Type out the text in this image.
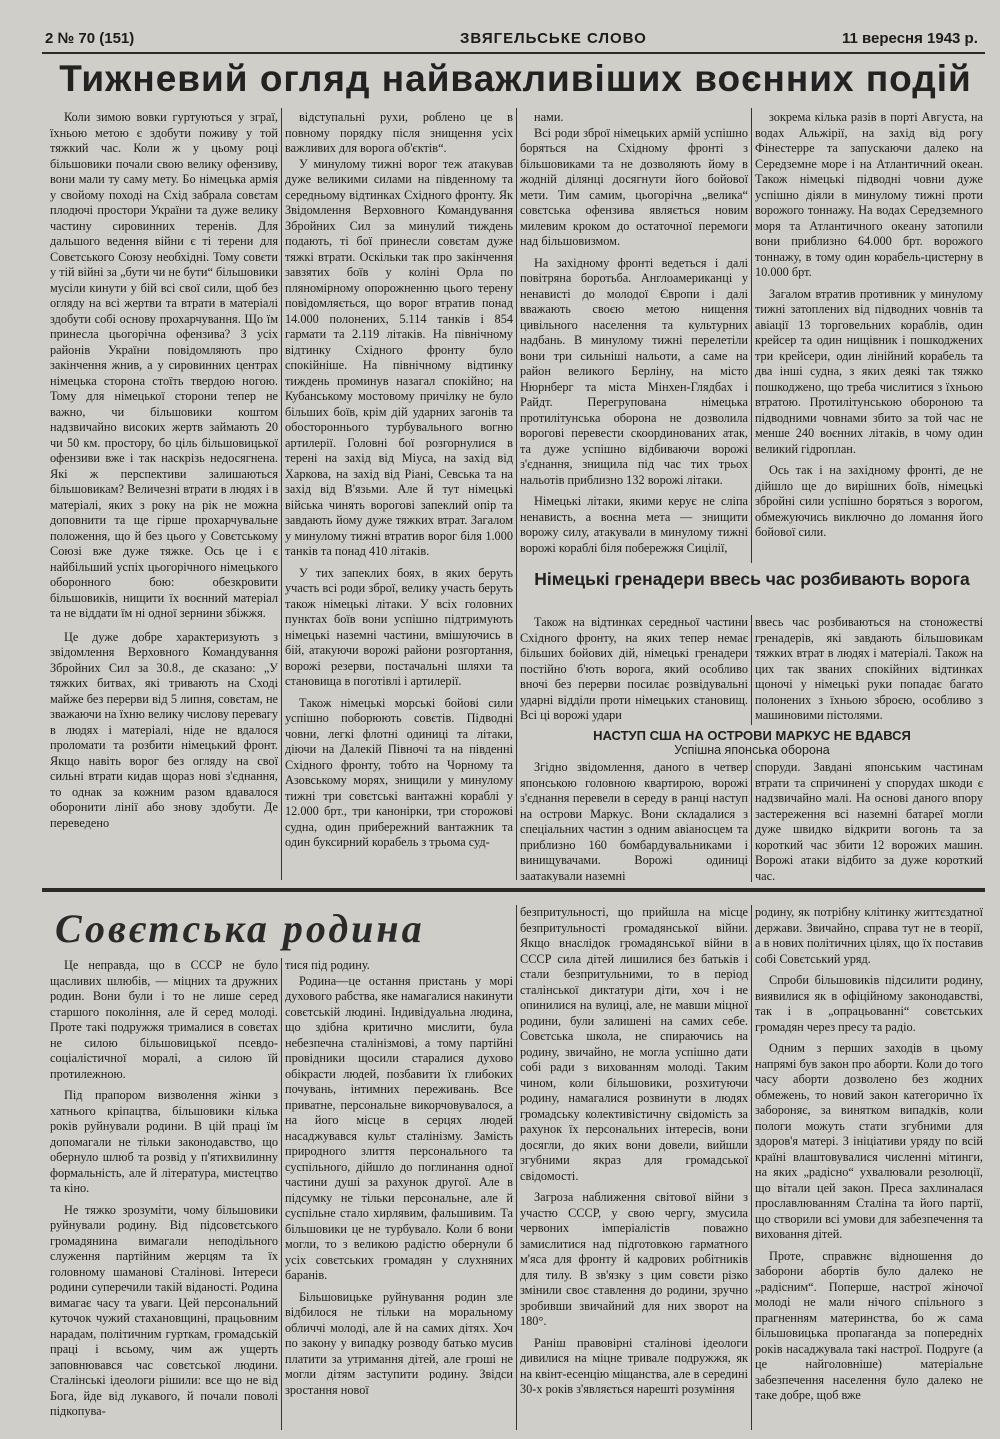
2 № 70 (151)	ЗВЯГЕЛЬСЬКЕ СЛОВО	11 вересня 1943 р.
Тижневий огляд найважливіших воєнних подій

Коли зимою вовки гуртуються у зграї, їхньою метою є здобути поживу у той тяжкий час. Коли ж у цьому році більшовики почали свою велику офензиву, вони мали ту саму мету. Бо німецька армія у свойому поході на Схід забрала совєтам плодючі простори України та дуже велику частину сировинних теренів. Для дальшого ведення війни є ті терени для Совєтського Союзу необхідні. Тому совєти у тій війні за „бути чи не бути“ більшовики мусіли кинути у бій всі свої сили, щоб без огляду на всі жертви та втрати в матеріалі здобути собі основу прохарчування. Що їм принесла цьогорічна офензива? З усіх районів України повідомляють про закінчення жнив, а у сировинних центрах німецька сторона стоїть твердою ногою. Тому для німецької сторони тепер не важно, чи більшовики коштом надзвичайно високих жертв займають 20 чи 50 км. простору, бо ціль більшовицької офензиви вже і так наскрізь недосягнена. Які ж перспективи залишаються більшовикам? Величезні втрати в людях і в матеріалі, яких з року на рік не можна доповнити та ще гірше прохарчувальне положення, що й без цього у Совєтському Союзі вже дуже тяжке. Ось це і є найбільший успіх цьогорічного німецького оборонного бою: обезкровити більшовиків, нищити їх воєнний матеріал та не віддати їм ні одної зернини збіжжя.

Це дуже добре характеризують з звідомлення Верховного Командування Збройних Сил за 30.8., де сказано: „У тяжких битвах, які тривають на Сході майже без перерви від 5 липня, совєтам, не зважаючи на їхню велику числову перевагу в людях і матеріалі, ніде не вдалося проломати та розбити німецький фронт. Якщо навіть ворог без огляду на свої сильні втрати кидав щораз нові з'єднання, то однак за кожним разом вдавалося оборонити лінії або знову здобути. Де переведено

відступальні рухи, роблено це в повному порядку після знищення усіх важливих для ворога об'єктів“.

У минулому тижні ворог теж атакував дуже великими силами на південному та середньому відтинках Східного фронту. Як Звідомлення Верховного Командування Збройних Сил за минулий тиждень подають, ті бої принесли совєтам дуже тяжкі втрати. Оскільки так про закінчення завзятих боїв у коліні Орла по пляномірному опорожненню цього терену повідомляється, що ворог втратив понад 14.000 полонених, 5.114 танків і 854 гармати та 2.119 літаків. На північному відтинку Східного фронту було спокійніше. На північному відтинку тиждень проминув назагал спокійно; на Кубанському мостовому причілку не було більших боїв, крім дій ударних загонів та обостороннього турбувального вогню артилерії. Головні бої розгорнулися в терені на захід від Міуса, на захід від Харкова, на захід від Ріані, Севська та на захід від В'язьми. Але й тут німецькі війська чинять ворогові запеклий опір та завдають йому дуже тяжких втрат. Загалом у минулому тижні втратив ворог біля 1.000 танків та понад 410 літаків.

У тих запеклих боях, в яких беруть участь всі роди зброї, велику участь беруть також німецькі літаки. У всіх головних пунктах боїв вони успішно підтримують німецькі наземні частини, вмішуючись в бій, атакуючи ворожі райони розгортання, ворожі резерви, постачальні шляхи та становища в поготівлі і артилерії.

Також німецькі морські бойові сили успішно поборюють совєтів. Підводні човни, легкі флотні одиниці та літаки, діючи на Далекій Півночі та на південні Східного фронту, тобто на Чорному та Азовському морях, знищили у минулому тижні три совєтські вантажні кораблі у 12.000 брт., три канонірки, три сторожові судна, один прибережний вантажник та один буксирний корабель з трьома суд-

нами.

Всі роди зброї німецьких армій успішно боряться на Східному фронті з більшовиками та не дозволяють йому в жодній ділянці досягнути його бойової мети. Тим самим, цьогорічна „велика“ совєтська офензива являється новим милевим кроком до остаточної перемоги над більшовизмом.

На західному фронті ведеться і далі повітряна боротьба. Англоамериканці у ненависті до молодої Європи і далі вважають своєю метою нищення цивільного населення та культурних надбань. В минулому тижні перелетіли вони три сильніші нальоти, а саме на район великого Берліну, на місто Нюрнберг та міста Мінхен-Глядбах і Райдт. Перегрупована німецька протилітунська оборона не дозволила ворогові перевести скоординованих атак, та дуже успішно відбиваючи ворожі з'єднання, знищила під час тих трьох нальотів приблизно 132 ворожі літаки.

Німецькі літаки, якими керує не сліпа ненависть, а воєнна мета — знищити ворожу силу, атакували в минулому тижні ворожі кораблі біля побережжя Сицілії,

зокрема кілька разів в порті Августа, на водах Альжірії, на захід від рогу Фінестерре та запускаючи далеко на Середземне море і на Атлантичний океан. Також німецькі підводні човни дуже успішно діяли в минулому тижні проти ворожого тоннажу. На водах Середземного моря та Атлантичного океану затопили вони приблизно 64.000 брт. ворожого тоннажу, в тому один корабель-цистерну в 10.000 брт.

Загалом втратив противник у минулому тижні затоплених від підводних човнів та авіації 13 торговельних кораблів, один крейсер та один нищівник і пошкоджених три крейсери, один лінійний корабель та два інші судна, з яких деякі так тяжко пошкоджено, що треба числитися з їхньою втратою. Протилітунською обороною та підводними човнами збито за той час не менше 240 воєнних літаків, в чому один великий гідроплан.

Ось так і на західному фронті, де не дійшло ще до вирішних боїв, німецькі збройні сили успішно боряться з ворогом, обмежуючись виключно до ломання його бойової сили.

Німецькі гренадери ввесь час розбивають ворога

Також на відтинках середньої частини Східного фронту, на яких тепер немає більших бойових дій, німецькі гренадери постійно б'ють ворога, який особливо вночі без перерви посилає розвідувальні ударні відділи проти німецьких становищ. Всі ці ворожі удари

ввесь час розбиваються на стоножестві гренадерів, які завдають більшовикам тяжких втрат в людях і матеріалі. Також на цих так званих спокійних відтинках щоночі у німецькі руки попадає багато полонених з їхньою зброєю, особливо з машиновими пістолями.

НАСТУП США НА ОСТРОВИ МАРКУС НЕ ВДАВСЯ
Успішна японська оборона

Згідно звідомлення, даного в четвер японською головною квартирою, ворожі з'єднання перевели в середу в ранці наступ на острови Маркус. Вони складалися з спеціальних частин з одним авіаносцем та приблизно 160 бомбардувальниками і винищувачами. Ворожі одиниці заатакували наземні

споруди. Завдані японським частинам втрати та спричинені у спорудах шкоди є надзвичайно малі. На основі даного впору застереження всі наземні батареї могли дуже швидко відкрити вогонь та за короткий час збити 12 ворожих машин. Ворожі атаки відбито за дуже короткий час.

Совєтська родина

Це неправда, що в СССР не було щасливих шлюбів, — міцних та дружних родин. Вони були і то не лише серед старшого покоління, але й серед молоді. Проте такі подружжя трималися в совєтах не силою більшовицької псевдо-соціалістичної моралі, а силою їй протилежною.

Під прапором визволення жінки з хатнього кріпацтва, більшовики кілька років руйнували родини. В цій праці їм допомагали не тільки законодавство, що обернуло шлюб та розвід у п'ятихвилинну формальність, але й література, мистецтво та кіно.

Не тяжко зрозуміти, чому більшовики руйнували родину. Від підсовєтського громадянина вимагали неподільного служення партійним жерцям та їх головному шаманові Сталінові. Інтереси родини суперечили такій віданості. Родина вимагає часу та уваги. Цей персональний куточок чужий стахановщині, працьовним нарадам, політичним гурткам, громадській праці і всьому, чим аж ущерть заповнювався час совєтської людини. Сталінські ідеологи рішили: все що не від Бога, йде від лукавого, й почали поволі підкопува-

тися під родину.

Родина—це остання пристань у морі духового рабства, яке намагалися накинути совєтській людині. Індивідуальна людина, що здібна критично мислити, була небезпечна сталінізмові, а тому партійні провідники щосили старалися духово обікрасти людей, позбавити їх глибоких почувань, інтимних переживань. Все приватне, персональне викорчовувалося, а на його місце в серцях людей насаджувався культ сталінізму. Замість природного злиття персонального та суспільного, дійшло до поглинання одної частини душі за рахунок другої. Але в підсумку не тільки персональне, але й суспільне стало хирлявим, фальшивим. Та більшовики це не турбувало. Коли б вони могли, то з великою радістю обернули б усіх совєтських громадян у слухняних баранів.

Більшовицьке руйнування родин зле відбилося не тільки на моральному обличчі молоді, але й на самих дітях. Хоч по закону у випадку розводу батько мусив платити за утримання дітей, але гроші не могли дітям заступити родину. Звідси зростання нової

безпритульності, що прийшла на місце безпритульності громадянської війни. Якщо внаслідок громадянської війни в СССР сила дітей лишилися без батьків і стали безпритульними, то в період сталінської диктатури діти, хоч і не опинилися на вулиці, але, не мавши міцної родини, були залишені на самих себе. Совєтська школа, не спираючись на родину, звичайно, не могла успішно дати собі ради з вихованням молоді. Таким чином, коли більшовики, розхитуючи родину, намагалися розвинути в людях громадську колективістичну свідомість за рахунок їх персональних інтересів, вони досягли, до яких вони довели, вийшли згубними якраз для громадської свідомості.

Загроза наближення світової війни з участю СССР, у свою чергу, змусила червоних імперіалістів поважно замислитися над підготовкою гарматного м'яса для фронту й кадрових робітників для тилу. В зв'язку з цим совєти різко змінили своє ставлення до родини, зручно зробивши звичайний для них зворот на 180°.

Раніш правовірні сталінові ідеологи дивилися на міцне тривале подружжя, як на квінт-есенцію міщанства, але в середині 30-х років з'являється нарешті розуміння

родину, як потрібну клітинку життєздатної держави. Звичайно, справа тут не в теорії, а в нових політичних цілях, що їх поставив собі Совєтський уряд.

Спроби більшовиків підсилити родину, виявилися як в офіційному законодавстві, так і в „опрацьованні“ совєтських громадян через пресу та радіо.

Одним з перших заходів в цьому напрямі був закон про аборти. Коли до того часу аборти дозволено без жодних обмежень, то новий закон категорично їх забороняє, за винятком випадків, коли пологи можуть стати згубними для здоров'я матері. З ініціативи уряду по всій країні влаштовувалися численні мітинги, на яких „радісно“ ухвалювали резолюції, що вітали цей закон. Преса захлиналася прославлюванням Сталіна та його партії, що створили всі умови для забезпечення та виховання дітей.

Проте, справжнє відношення до заборони абортів було далеко не „радісним“. Поперше, настрої жіночої молоді не мали нічого спільного з прагненням материнства, бо ж сама більшовицька пропаганда за попередніх років насаджувала такі настрої. Подруге (а це найголовніше) матеріальне забезпечення населення було далеко не таке добре, щоб вже
